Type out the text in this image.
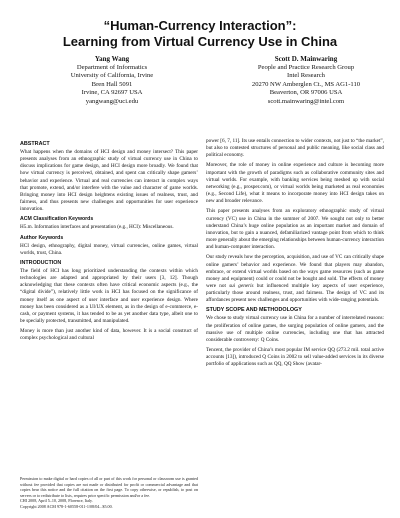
“Human-Currency Interaction”:
Learning from Virtual Currency Use in China
Yang Wang
Department of Informatics
University of California, Irvine
Bren Hall 5091
Irvine, CA 92697 USA
yangwang@uci.edu
Scott D. Mainwaring
People and Practice Research Group
Intel Research
20270 NW Amberglen Ct., MS AG1-110
Beaverton, OR 97006 USA
scott.mainwaring@intel.com
ABSTRACT

What happens when the domains of HCI design and money intersect? This paper presents analyses from an ethnographic study of virtual currency use in China to discuss implications for game design, and HCI design more broadly. We found that how virtual currency is perceived, obtained, and spent can critically shape gamers’ behavior and experience. Virtual and real currencies can interact in complex ways that promote, extend, and/or interfere with the value and character of game worlds. Bringing money into HCI design heightens existing issues of realness, trust, and fairness, and thus presents new challenges and opportunities for user experience innovation.

ACM Classification Keywords

H5.m. Information interfaces and presentation (e.g., HCI): Miscellaneous.

Author Keywords

HCI design, ethnography, digital money, virtual currencies, online games, virtual worlds, trust, China.

INTRODUCTION

The field of HCI has long prioritized understanding the contexts within which technologies are adapted and appropriated by their users [3, 12]. Though acknowledging that these contexts often have critical economic aspects (e.g., the “digital divide”), relatively little work in HCI has focused on the significance of money itself as one aspect of user interface and user experience design. Where money has been considered as a UI/UX element, as in the design of e-commerce, e-cash, or payment systems, it has tended to be as yet another data type, albeit one to be specially protected, transmitted, and manipulated.

Money is more than just another kind of data, however. It is a social construct of complex psychological and cultural

Permission to make digital or hard copies of all or part of this work for personal or classroom use is granted without fee provided that copies are not made or distributed for profit or commercial advantage and that copies bear this notice and the full citation on the first page. To copy otherwise, or republish, to post on servers or to redistribute to lists, requires prior specific permission and/or a fee.
CHI 2008, April 5–10, 2008, Florence, Italy.
Copyright 2008 ACM 978-1-60558-011-1/08/04...$5.00.

power [6, 7, 11]. Its use entails connection to wider contexts, not just to “the market”, but also to contested structures of personal and public meaning, like social class and political economy.

Moreover, the role of money in online experience and culture is becoming more important with the growth of paradigms such as collaborative community sites and virtual worlds. For example, with banking services being meshed up with social networking (e.g., prosper.com), or virtual worlds being marketed as real economies (e.g., Second Life), what it means to incorporate money into HCI design takes on new and broader relevance.

This paper presents analyses from an exploratory ethnographic study of virtual currency (VC) use in China in the summer of 2007. We sought not only to better understand China’s huge online population as an important market and domain of innovation, but to gain a nuanced, defamiliarized vantage point from which to think more generally about the emerging relationships between human-currency interaction and human-computer interaction.

Our study reveals how the perception, acquisition, and use of VC can critically shape online gamers’ behavior and experience. We found that players may abandon, embrace, or extend virtual worlds based on the ways game resources (such as game money and equipment) could or could not be bought and sold. The effects of money were not sui generis but influenced multiple key aspects of user experience, particularly those around realness, trust, and fairness. The design of VC and its affordances present new challenges and opportunities with wide-ranging potentials.

STUDY SCOPE AND METHODOLOGY

We chose to study virtual currency use in China for a number of interrelated reasons: the proliferation of online games, the surging population of online gamers, and the massive use of multiple online currencies, including one that has attracted considerable controversy: Q Coins.

Tencent, the provider of China’s most popular IM service QQ (273.2 mil. total active accounts [13]), introduced Q Coins in 2002 to sell value-added services in its diverse portfolio of applications such as QQ, QQ Show (avatar-
